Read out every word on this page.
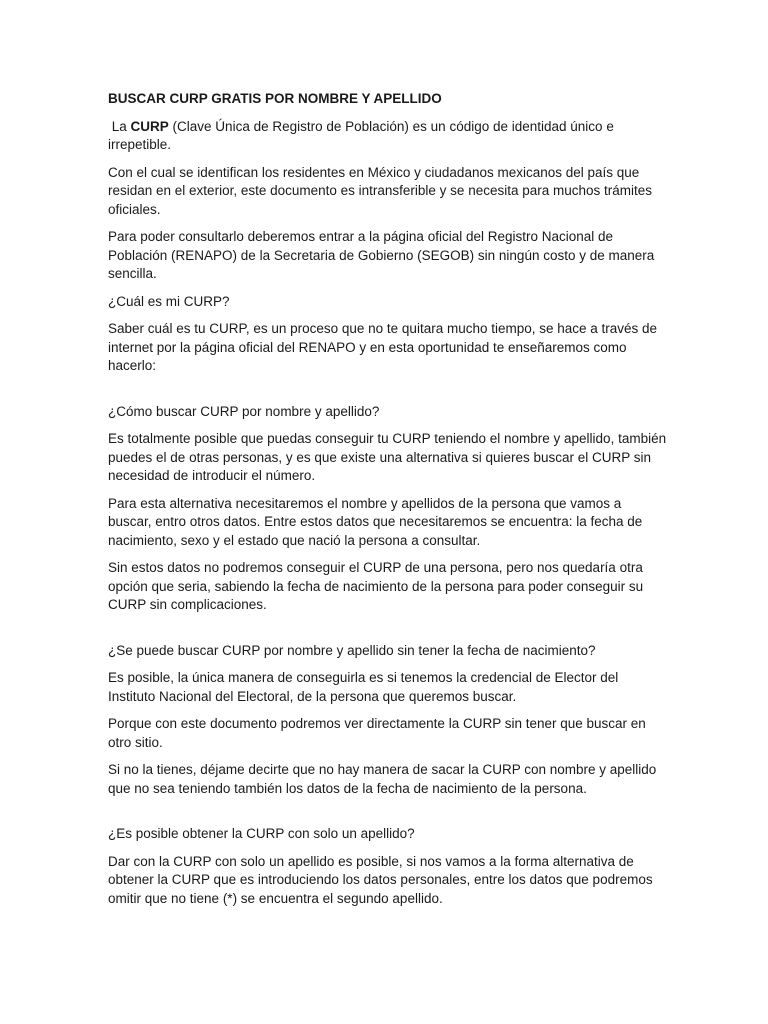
BUSCAR CURP GRATIS POR NOMBRE Y APELLIDO

La CURP (Clave Única de Registro de Población) es un código de identidad único e irrepetible.

Con el cual se identifican los residentes en México y ciudadanos mexicanos del país que residan en el exterior, este documento es intransferible y se necesita para muchos trámites oficiales.

Para poder consultarlo deberemos entrar a la página oficial del Registro Nacional de Población (RENAPO) de la Secretaria de Gobierno (SEGOB) sin ningún costo y de manera sencilla.

¿Cuál es mi CURP?

Saber cuál es tu CURP, es un proceso que no te quitara mucho tiempo, se hace a través de internet por la página oficial del RENAPO y en esta oportunidad te enseñaremos como hacerlo:

¿Cómo buscar CURP por nombre y apellido?

Es totalmente posible que puedas conseguir tu CURP teniendo el nombre y apellido, también puedes el de otras personas, y es que existe una alternativa si quieres buscar el CURP sin necesidad de introducir el número.

Para esta alternativa necesitaremos el nombre y apellidos de la persona que vamos a buscar, entro otros datos. Entre estos datos que necesitaremos se encuentra: la fecha de nacimiento, sexo y el estado que nació la persona a consultar.

Sin estos datos no podremos conseguir el CURP de una persona, pero nos quedaría otra opción que seria, sabiendo la fecha de nacimiento de la persona para poder conseguir su CURP sin complicaciones.

¿Se puede buscar CURP por nombre y apellido sin tener la fecha de nacimiento?

Es posible, la única manera de conseguirla es si tenemos la credencial de Elector del Instituto Nacional del Electoral, de la persona que queremos buscar.

Porque con este documento podremos ver directamente la CURP sin tener que buscar en otro sitio.

Si no la tienes, déjame decirte que no hay manera de sacar la CURP con nombre y apellido que no sea teniendo también los datos de la fecha de nacimiento de la persona.

¿Es posible obtener la CURP con solo un apellido?

Dar con la CURP con solo un apellido es posible, si nos vamos a la forma alternativa de obtener la CURP que es introduciendo los datos personales, entre los datos que podremos omitir que no tiene (*) se encuentra el segundo apellido.
